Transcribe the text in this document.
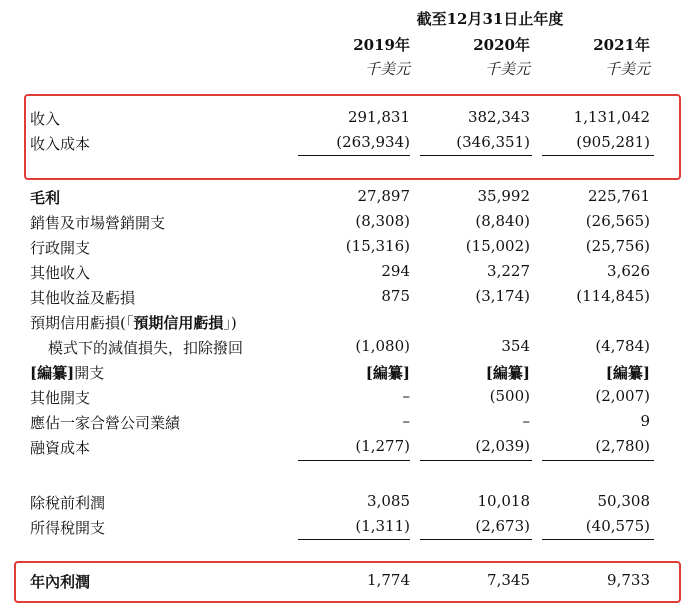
截至12月31日止年度
2019年	2020年	2021年
千美元	千美元	千美元
收入	291,831	382,343	1,131,042
收入成本	(263,934)	(346,351)	(905,281)
毛利	27,897	35,992	225,761
銷售及市場營銷開支	(8,308)	(8,840)	(26,565)
行政開支	(15,316)	(15,002)	(25,756)
其他收入	294	3,227	3,626
其他收益及虧損	875	(3,174)	(114,845)
預期信用虧損(「預期信用虧損」)
模式下的減值損失，扣除撥回	(1,080)	354	(4,784)
[編纂]開支	[編纂]	[編纂]	[編纂]
其他開支	–	(500)	(2,007)
應佔一家合營公司業績	–	–	9
融資成本	(1,277)	(2,039)	(2,780)
除稅前利潤	3,085	10,018	50,308
所得稅開支	(1,311)	(2,673)	(40,575)
年內利潤	1,774	7,345	9,733
